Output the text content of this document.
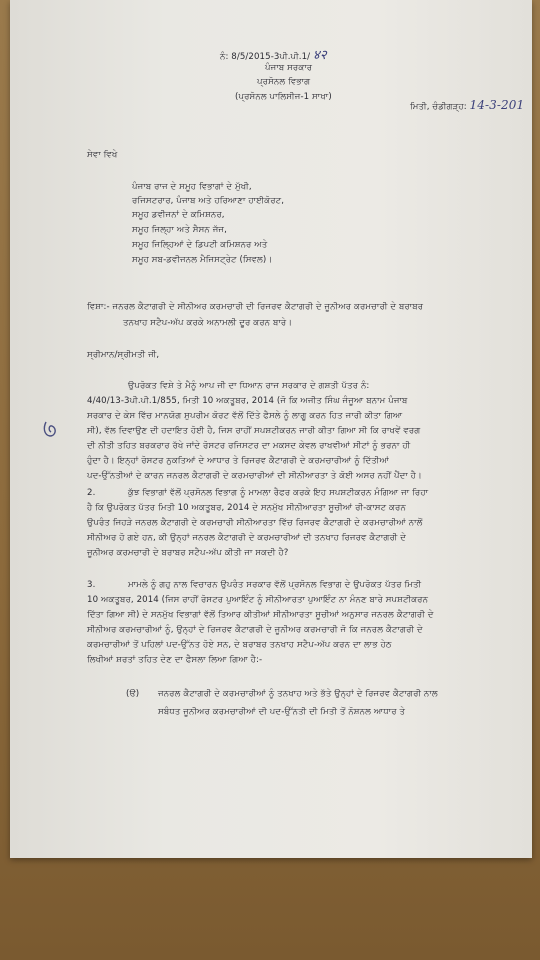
ਨੰ: 8/5/2015-3ਪੀ.ਪੀ.1/ ४२
ਪੰਜਾਬ ਸਰਕਾਰ
ਪ੍ਰਸੋਨਲ ਵਿਭਾਗ
(ਪ੍ਰਸੋਨਲ ਪਾਲਿਸੀਜ-1 ਸਾਖਾ)
ਮਿਤੀ, ਚੰਡੀਗੜ੍ਹ: 14-3-201
ਸੇਵਾ ਵਿਖੇ
ਪੰਜਾਬ ਰਾਜ ਦੇ ਸਮੂਹ ਵਿਭਾਗਾਂ ਦੇ ਮੁੱਖੀ,
ਰਜਿਸਟਰਾਰ, ਪੰਜਾਬ ਅਤੇ ਹਰਿਆਣਾ ਹਾਈਕੋਰਟ,
ਸਮੂਹ ਡਵੀਜਨਾਂ ਦੇ ਕਮਿਸ਼ਨਰ,
ਸਮੂਹ ਜਿਲ੍ਹਾ ਅਤੇ ਸੈਸਨ ਜੱਜ,
ਸਮੂਹ ਜਿਲ੍ਹਿਆਂ ਦੇ ਡਿਪਟੀ ਕਮਿਸ਼ਨਰ ਅਤੇ
ਸਮੂਹ ਸਬ-ਡਵੀਜਨਲ ਮੈਜਿਸਟ੍ਰੇਟ (ਸਿਵਲ)।
ਵਿਸ਼ਾ:- ਜਨਰਲ ਕੈਟਾਗਰੀ ਦੇ ਸੀਨੀਅਰ ਕਰਮਚਾਰੀ ਦੀ ਰਿਜਰਵ ਕੈਟਾਗਰੀ ਦੇ ਜੂਨੀਅਰ ਕਰਮਚਾਰੀ ਦੇ ਬਰਾਬਰ
ਤਨਖਾਹ ਸਟੈਪ-ਅੱਪ ਕਰਕੇ ਅਨਾਮਲੀ ਦੂਰ ਕਰਨ ਬਾਰੇ।
ਸ੍ਰੀਮਾਨ/ਸ੍ਰੀਮਤੀ ਜੀ,
ਉਪਰੋਕਤ ਵਿਸ਼ੇ ਤੇ ਮੈਨੂੰ ਆਪ ਜੀ ਦਾ ਧਿਆਨ ਰਾਜ ਸਰਕਾਰ ਦੇ ਗਸ਼ਤੀ ਪੱਤਰ ਨੰ:
4/40/13-3ਪੀ.ਪੀ.1/855, ਮਿਤੀ 10 ਅਕਤੂਬਰ, 2014 (ਜੋ ਕਿ ਅਜੀਤ ਸਿੰਘ ਜੰਜੂਆ ਬਨਾਮ ਪੰਜਾਬ
ਸਰਕਾਰ ਦੇ ਕੇਸ ਵਿੱਚ ਮਾਨਯੋਗ ਸੁਪਰੀਮ ਕੋਰਟ ਵੱਲੋਂ ਦਿੱਤੇ ਫੈਸਲੇ ਨੂੰ ਲਾਗੂ ਕਰਨ ਹਿਤ ਜਾਰੀ ਕੀਤਾ ਗਿਆ
ਸੀ), ਵੱਲ ਦਿਵਾਉਣ ਦੀ ਹਦਾਇਤ ਹੋਈ ਹੈ, ਜਿਸ ਰਾਹੀਂ ਸਪਸ਼ਟੀਕਰਨ ਜਾਰੀ ਕੀਤਾ ਗਿਆ ਸੀ ਕਿ ਰਾਖਵੇਂ ਵਰਗ
ਦੀ ਨੀਤੀ ਤਹਿਤ ਬਰਕਰਾਰ ਰੱਖੇ ਜਾਂਦੇ ਰੋਸਟਰ ਰਜਿਸਟਰ ਦਾ ਮਕਸਦ ਕੇਵਲ ਰਾਖਵੀਆਂ ਸੀਟਾਂ ਨੂੰ ਭਰਨਾ ਹੀ
ਹੁੰਦਾ ਹੈ। ਇਨ੍ਹਾਂ ਰੋਸਟਰ ਨੁਕਤਿਆਂ ਦੇ ਆਧਾਰ ਤੇ ਰਿਜਰਵ ਕੈਟਾਗਰੀ ਦੇ ਕਰਮਚਾਰੀਆਂ ਨੂੰ ਦਿੱਤੀਆਂ
ਪਦ-ਉੱਨਤੀਆਂ ਦੇ ਕਾਰਨ ਜਨਰਲ ਕੈਟਾਗਰੀ ਦੇ ਕਰਮਚਾਰੀਆਂ ਦੀ ਸੀਨੀਆਰਤਾ ਤੇ ਕੋਈ ਅਸਰ ਨਹੀਂ ਪੈਂਦਾ ਹੈ।
2.	ਕੁੱਝ ਵਿਭਾਗਾਂ ਵੱਲੋਂ ਪ੍ਰਸੋਨਲ ਵਿਭਾਗ ਨੂੰ ਮਾਮਲਾ ਰੈਫਰ ਕਰਕੇ ਇਹ ਸਪਸ਼ਟੀਕਰਨ ਮੰਗਿਆ ਜਾ ਰਿਹਾ
ਹੈ ਕਿ ਉਪਰੋਕਤ ਪੱਤਰ ਮਿਤੀ 10 ਅਕਤੂਬਰ, 2014 ਦੇ ਸਨਮੁੱਖ ਸੀਨੀਆਰਤਾ ਸੂਚੀਆਂ ਰੀ-ਕਾਸਟ ਕਰਨ
ਉਪਰੰਤ ਜਿਹੜੇ ਜਨਰਲ ਕੈਟਾਗਰੀ ਦੇ ਕਰਮਚਾਰੀ ਸੀਨੀਆਰਤਾ ਵਿੱਚ ਰਿਜਰਵ ਕੈਟਾਗਰੀ ਦੇ ਕਰਮਚਾਰੀਆਂ ਨਾਲੋਂ
ਸੀਨੀਅਰ ਹੋ ਗਏ ਹਨ, ਕੀ ਉਨ੍ਹਾਂ ਜਨਰਲ ਕੈਟਾਗਰੀ ਦੇ ਕਰਮਚਾਰੀਆਂ ਦੀ ਤਨਖਾਹ ਰਿਜਰਵ ਕੈਟਾਗਰੀ ਦੇ
ਜੂਨੀਅਰ ਕਰਮਚਾਰੀ ਦੇ ਬਰਾਬਰ ਸਟੈਪ-ਅੱਪ ਕੀਤੀ ਜਾ ਸਕਦੀ ਹੈ?
3.	ਮਾਮਲੇ ਨੂੰ ਗਹੁ ਨਾਲ ਵਿਚਾਰਨ ਉਪਰੰਤ ਸਰਕਾਰ ਵੱਲੋਂ ਪ੍ਰਸੋਨਲ ਵਿਭਾਗ ਦੇ ਉਪਰੋਕਤ ਪੱਤਰ ਮਿਤੀ
10 ਅਕਤੂਬਰ, 2014 (ਜਿਸ ਰਾਹੀਂ ਰੋਸਟਰ ਪੁਆਇੰਟ ਨੂੰ ਸੀਨੀਆਰਤਾ ਪੁਆਇੰਟ ਨਾ ਮੰਨਣ ਬਾਰੇ ਸਪਸ਼ਟੀਕਰਨ
ਦਿੱਤਾ ਗਿਆ ਸੀ) ਦੇ ਸਨਮੁੱਖ ਵਿਭਾਗਾਂ ਵੱਲੋਂ ਤਿਆਰ ਕੀਤੀਆਂ ਸੀਨੀਆਰਤਾ ਸੂਚੀਆਂ ਅਨੁਸਾਰ ਜਨਰਲ ਕੈਟਾਗਰੀ ਦੇ
ਸੀਨੀਅਰ ਕਰਮਚਾਰੀਆਂ ਨੂੰ, ਉਨ੍ਹਾਂ ਦੇ ਰਿਜਰਵ ਕੈਟਾਗਰੀ ਦੇ ਜੂਨੀਅਰ ਕਰਮਚਾਰੀ ਜੋ ਕਿ ਜਨਰਲ ਕੈਟਾਗਰੀ ਦੇ
ਕਰਮਚਾਰੀਆਂ ਤੋਂ ਪਹਿਲਾਂ ਪਦ-ਉੱਨਤ ਹੋਏ ਸਨ, ਦੇ ਬਰਾਬਰ ਤਨਖਾਹ ਸਟੈਪ-ਅੱਪ ਕਰਨ ਦਾ ਲਾਭ ਹੇਠ
ਲਿਖੀਆਂ ਸ਼ਰਤਾਂ ਤਹਿਤ ਦੇਣ ਦਾ ਫੈਸਲਾ ਲਿਆ ਗਿਆ ਹੈ:-
(ੳ) ਜਨਰਲ ਕੈਟਾਗਰੀ ਦੇ ਕਰਮਚਾਰੀਆਂ ਨੂੰ ਤਨਖਾਹ ਅਤੇ ਭੱਤੇ ਉਨ੍ਹਾਂ ਦੇ ਰਿਜਰਵ ਕੈਟਾਗਰੀ ਨਾਲ
ਸਬੰਧਤ ਜੂਨੀਅਰ ਕਰਮਚਾਰੀਆਂ ਦੀ ਪਦ-ਉੱਨਤੀ ਦੀ ਮਿਤੀ ਤੋਂ ਨੋਸ਼ਨਲ ਆਧਾਰ ਤੇ
